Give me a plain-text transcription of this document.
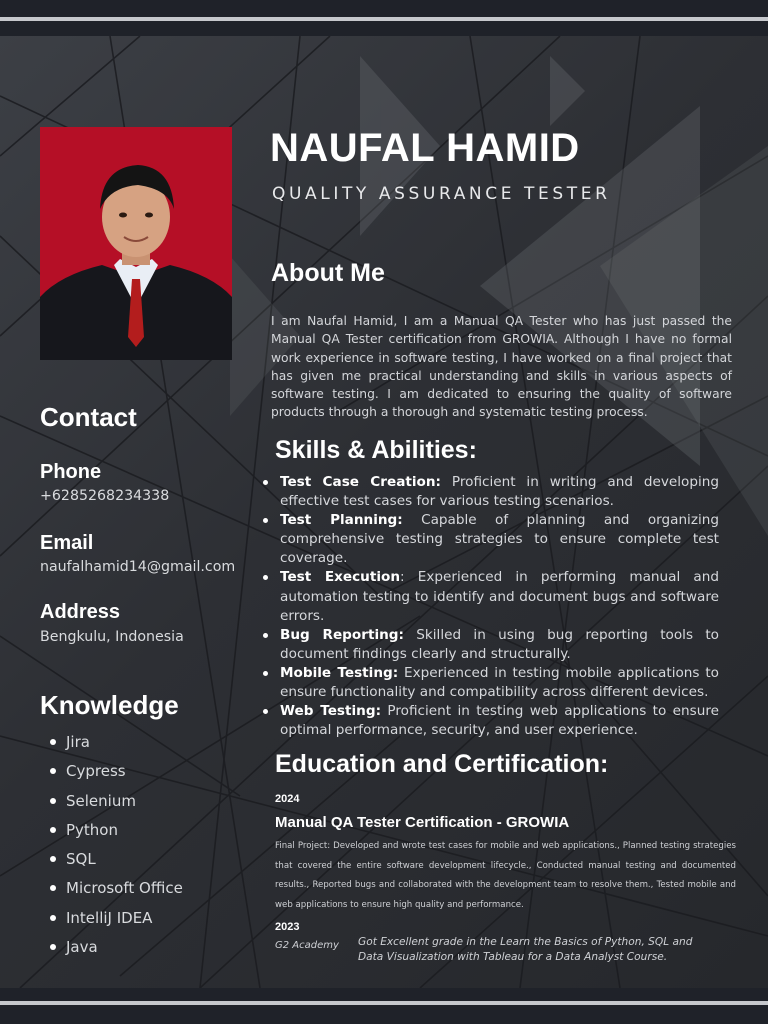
NAUFAL HAMID
QUALITY ASSURANCE TESTER
About Me

I am Naufal Hamid, I am a Manual QA Tester who has just passed the Manual QA Tester certification from GROWIA. Although I have no formal work experience in software testing, I have worked on a final project that has given me practical understanding and skills in various aspects of software testing. I am dedicated to ensuring the quality of software products through a thorough and systematic testing process.

Contact
Phone
+6285268234338
Email
naufalhamid14@gmail.com
Address
Bengkulu, Indonesia
Knowledge
Jira
Cypress
Selenium
Python
SQL
Microsoft Office
IntelliJ IDEA
Java
Skills & Abilities:
Test Case Creation: Proficient in writing and developing effective test cases for various testing scenarios.
Test Planning: Capable of planning and organizing comprehensive testing strategies to ensure complete test coverage.
Test Execution: Experienced in performing manual and automation testing to identify and document bugs and software errors.
Bug Reporting: Skilled in using bug reporting tools to document findings clearly and structurally.
Mobile Testing: Experienced in testing mobile applications to ensure functionality and compatibility across different devices.
Web Testing: Proficient in testing web applications to ensure optimal performance, security, and user experience.
Education and Certification:
2024
Manual QA Tester Certification - GROWIA

Final Project: Developed and wrote test cases for mobile and web applications., Planned testing strategies that covered the entire software development lifecycle., Conducted manual testing and documented results., Reported bugs and collaborated with the development team to resolve them., Tested mobile and web applications to ensure high quality and performance.

2023
G2 Academy Got Excellent grade in the Learn the Basics of Python, SQL and Data Visualization with Tableau for a Data Analyst Course.
